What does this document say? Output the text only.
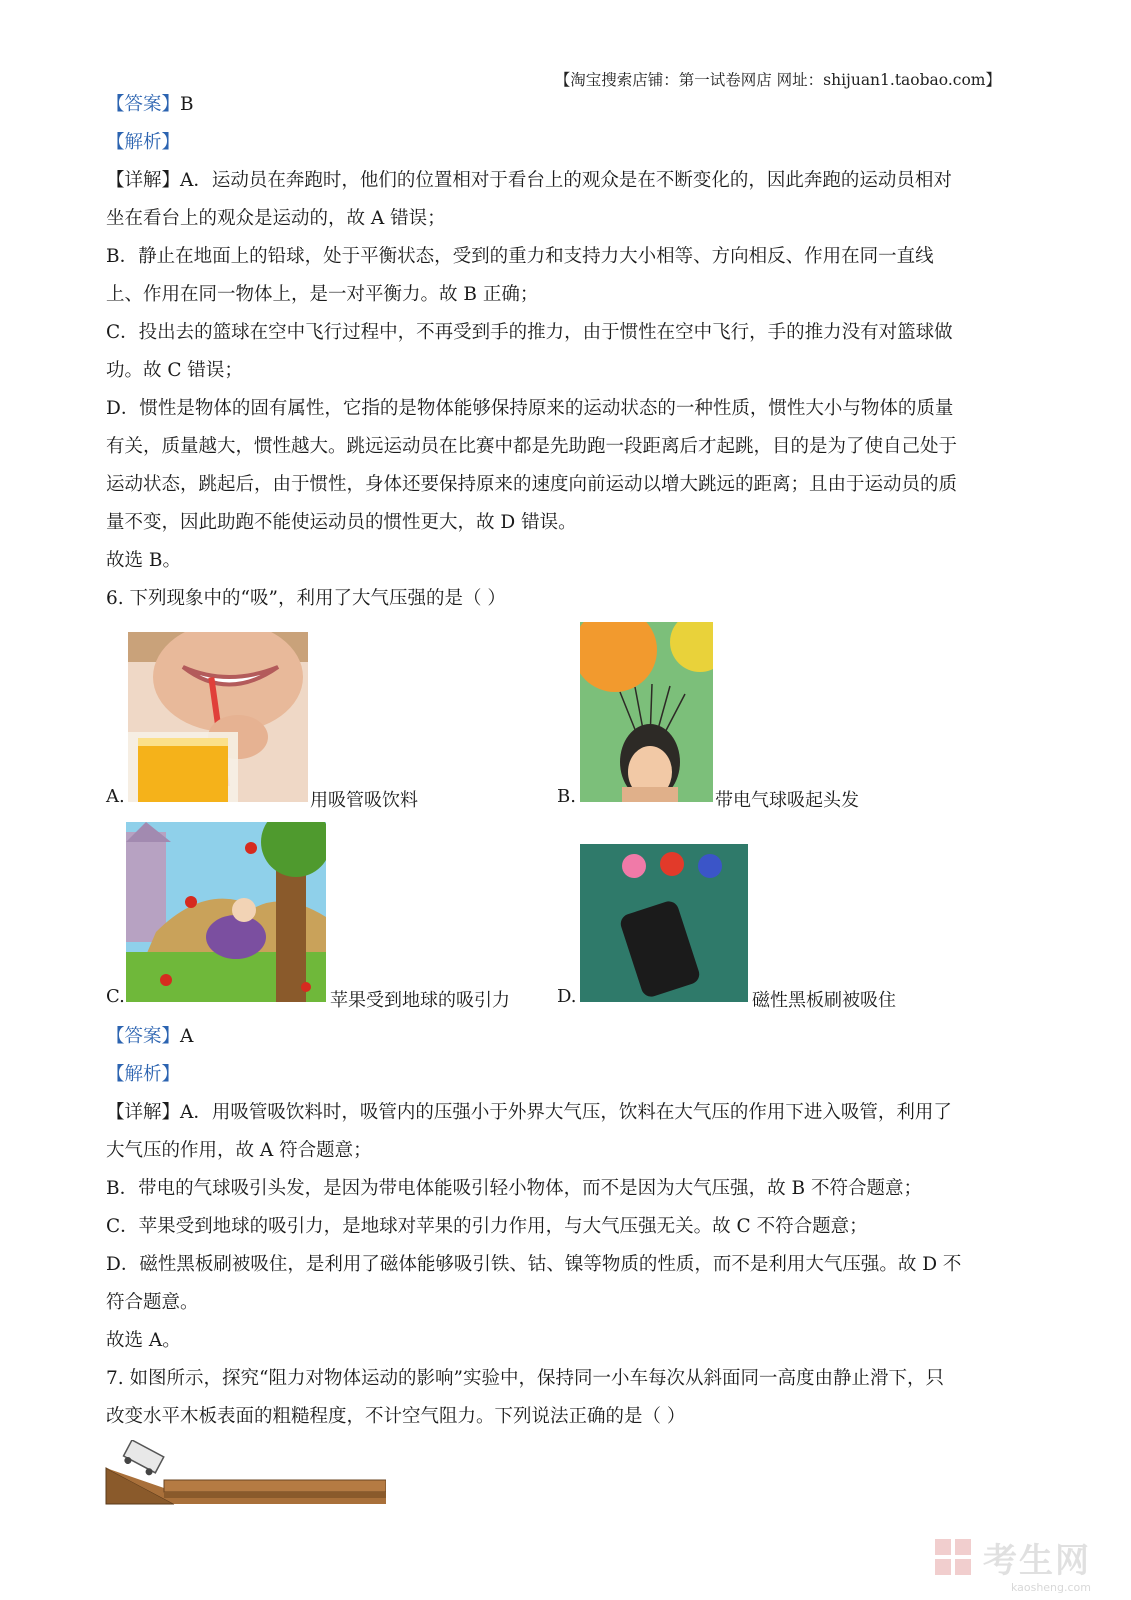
【淘宝搜索店铺：第一试卷网店 网址：shijuan1.taobao.com】
【答案】B
【解析】
【详解】A．运动员在奔跑时，他们的位置相对于看台上的观众是在不断变化的，因此奔跑的运动员相对
坐在看台上的观众是运动的，故 A 错误；
B．静止在地面上的铅球，处于平衡状态，受到的重力和支持力大小相等、方向相反、作用在同一直线
上、作用在同一物体上，是一对平衡力。故 B 正确；
C．投出去的篮球在空中飞行过程中，不再受到手的推力，由于惯性在空中飞行，手的推力没有对篮球做
功。故 C 错误；
D．惯性是物体的固有属性，它指的是物体能够保持原来的运动状态的一种性质，惯性大小与物体的质量
有关，质量越大，惯性越大。跳远运动员在比赛中都是先助跑一段距离后才起跳，目的是为了使自己处于
运动状态，跳起后，由于惯性，身体还要保持原来的速度向前运动以增大跳远的距离；且由于运动员的质
量不变，因此助跑不能使运动员的惯性更大，故 D 错误。
故选 B。
6. 下列现象中的“吸”，利用了大气压强的是（ ）
A.	用吸管吸饮料	B.	带电气球吸起头发
C.	苹果受到地球的吸引力	D.	磁性黑板刷被吸住
【答案】A
【解析】
【详解】A．用吸管吸饮料时，吸管内的压强小于外界大气压，饮料在大气压的作用下进入吸管，利用了
大气压的作用，故 A 符合题意；
B．带电的气球吸引头发，是因为带电体能吸引轻小物体，而不是因为大气压强，故 B 不符合题意；
C．苹果受到地球的吸引力，是地球对苹果的引力作用，与大气压强无关。故 C 不符合题意；
D．磁性黑板刷被吸住，是利用了磁体能够吸引铁、钴、镍等物质的性质，而不是利用大气压强。故 D 不
符合题意。
故选 A。
7. 如图所示，探究“阻力对物体运动的影响”实验中，保持同一小车每次从斜面同一高度由静止滑下，只
改变水平木板表面的粗糙程度，不计空气阻力。下列说法正确的是（ ）
考生网
kaosheng.com
